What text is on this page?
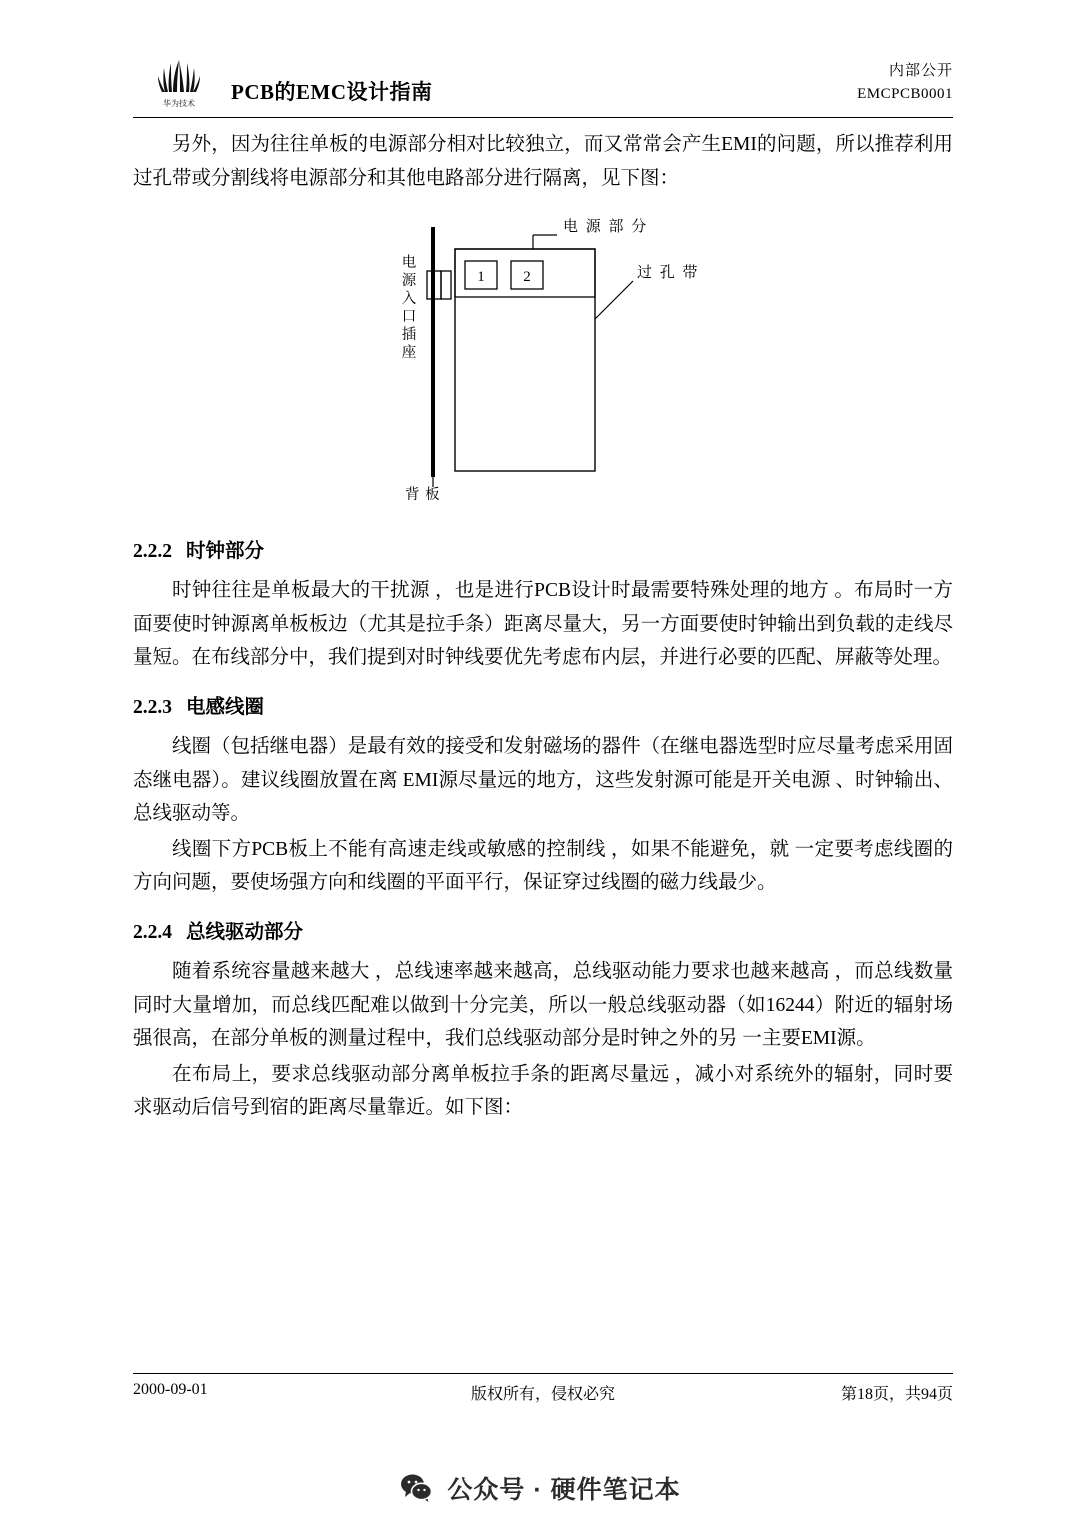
华为技术 PCB的EMC设计指南
内部公开
EMCPCB0001

另外，因为往往单板的电源部分相对比较独立，而又常常会产生EMI的问题，所以推荐利用过孔带或分割线将电源部分和其他电路部分进行隔离，见下图：

1	2
电 源 部 分
过 孔 带
电
源
入
口
插
座
背 板
2.2.2 时钟部分

时钟往往是单板最大的干扰源 ，也是进行PCB设计时最需要特殊处理的地方 。布局时一方面要使时钟源离单板板边（尤其是拉手条）距离尽量大，另一方面要使时钟输出到负载的走线尽量短。在布线部分中，我们提到对时钟线要优先考虑布内层，并进行必要的匹配、屏蔽等处理。

2.2.3 电感线圈

线圈（包括继电器）是最有效的接受和发射磁场的器件（在继电器选型时应尽量考虑采用固态继电器）。建议线圈放置在离 EMI源尽量远的地方，这些发射源可能是开关电源 、时钟输出、总线驱动等。

线圈下方PCB板上不能有高速走线或敏感的控制线 ，如果不能避免，就 一定要考虑线圈的方向问题，要使场强方向和线圈的平面平行，保证穿过线圈的磁力线最少。

2.2.4 总线驱动部分

随着系统容量越来越大 ，总线速率越来越高，总线驱动能力要求也越来越高 ，而总线数量同时大量增加，而总线匹配难以做到十分完美，所以一般总线驱动器（如16244）附近的辐射场强很高，在部分单板的测量过程中，我们总线驱动部分是时钟之外的另 一主要EMI源。

在布局上，要求总线驱动部分离单板拉手条的距离尽量远 ，减小对系统外的辐射，同时要求驱动后信号到宿的距离尽量靠近。如下图：

2000-09-01	版权所有，侵权必究	第18页，共94页
公众号 · 硬件笔记本
